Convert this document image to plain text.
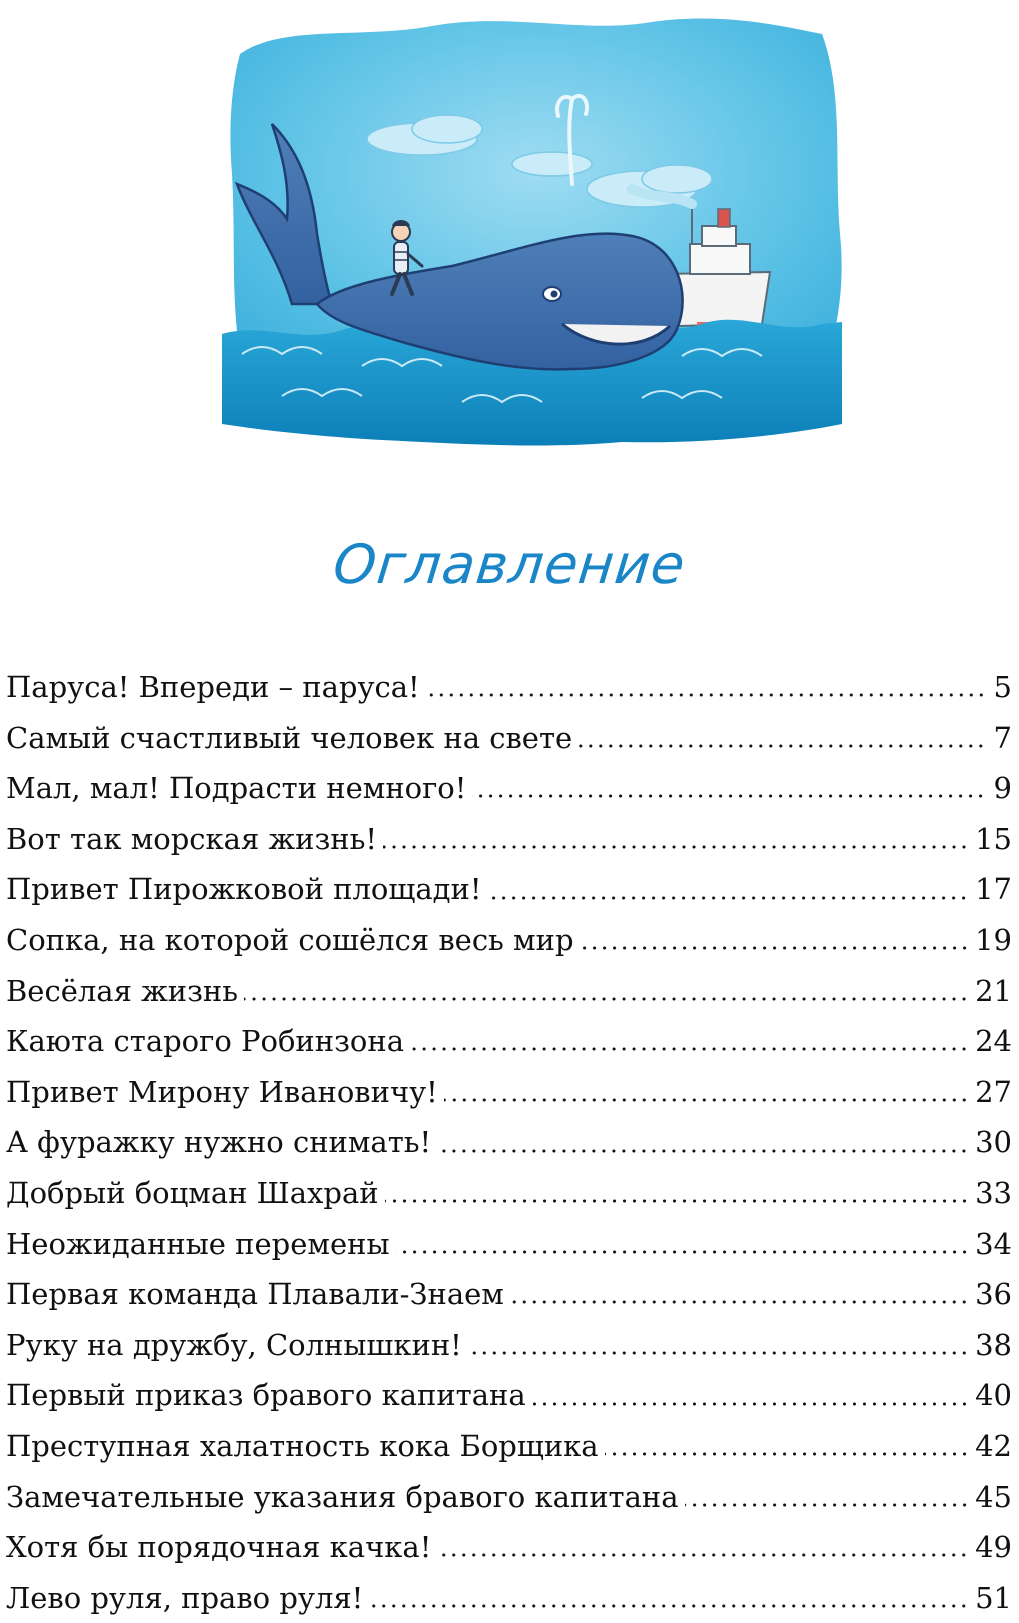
Оглавление
Паруса! Впереди – паруса!	5
Самый счастливый человек на свете	7
Мал, мал! Подрасти немного!	9
Вот так морская жизнь!	15
Привет Пирожковой площади!	17
Сопка, на которой сошёлся весь мир	19
Весёлая жизнь	21
Каюта старого Робинзона	24
Привет Мирону Ивановичу!	27
А фуражку нужно снимать!	30
Добрый боцман Шахрай	33
Неожиданные перемены	34
Первая команда Плавали-Знаем	36
Руку на дружбу, Солнышкин!	38
Первый приказ бравого капитана	40
Преступная халатность кока Борщика	42
Замечательные указания бравого капитана	45
Хотя бы порядочная качка!	49
Лево руля, право руля!	51
